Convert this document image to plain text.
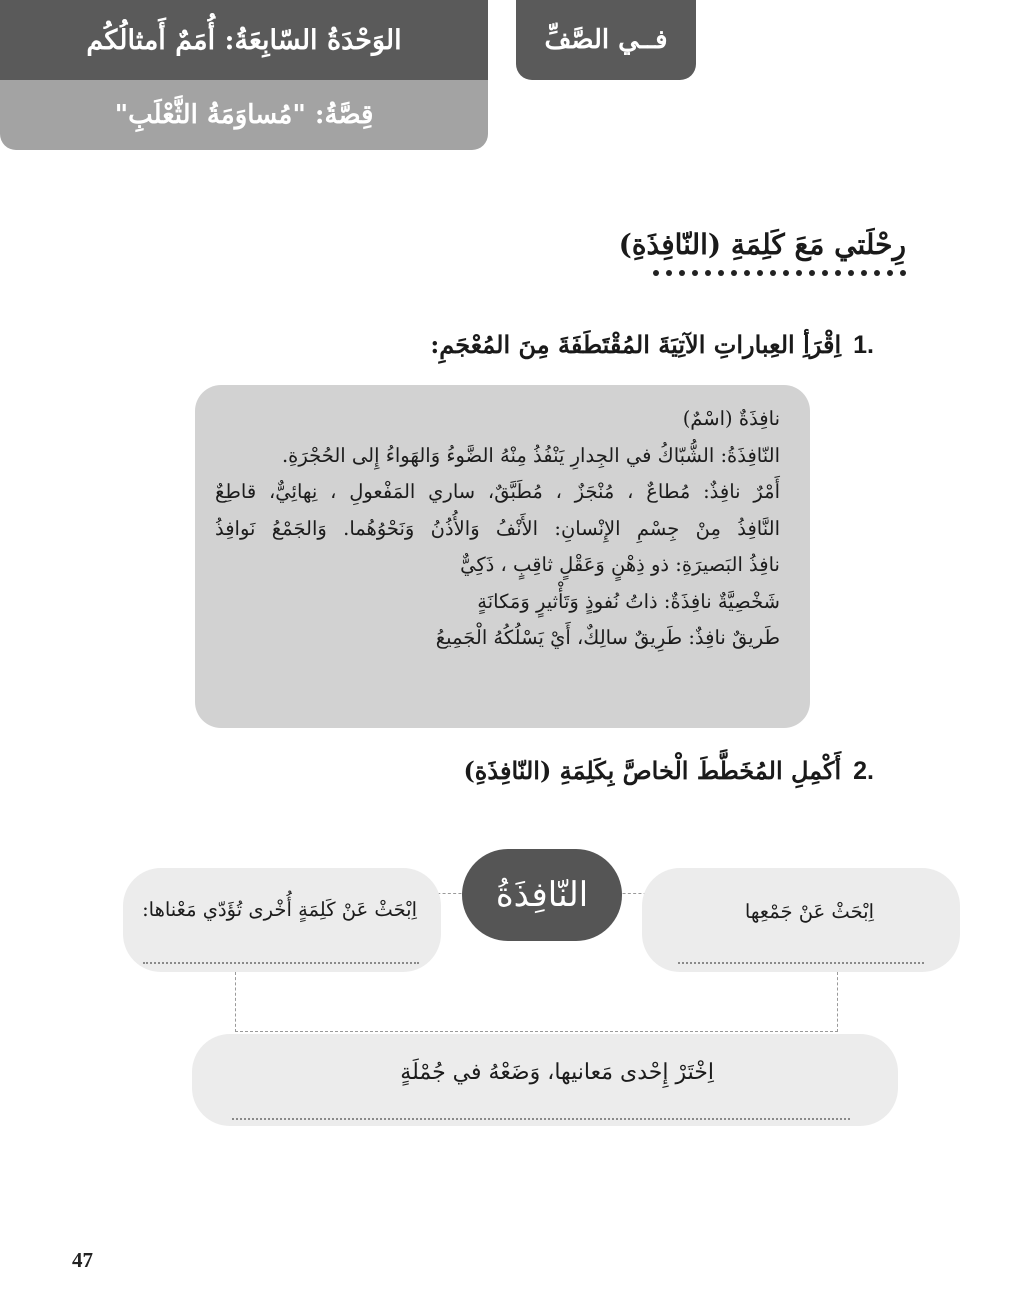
الوَحْدَةُ السّابِعَةُ: أُمَمٌ أَمثالُكُم
قِصَّةُ: "مُساوَمَةُ الثَّعْلَبِ"
فــي الصَّفِّ
رِحْلَتي مَعَ كَلِمَةِ (النّافِذَةِ)
1.
اِقْرَأِ العِباراتِ الآتِيَةَ المُقْتَطَفَةَ مِنَ المُعْجَمِ:
نافِذَةٌ (اسْمٌ)
النّافِذَةُ: الشُّبّاكُ في الجِدارِ يَنْفُذُ مِنْهُ الضَّوءُ وَالهَواءُ إِلى الحُجْرَةِ.
أَمْرٌ نافِذٌ: مُطاعٌ ، مُنْجَزٌ ، مُطَبَّقٌ، ساري المَفْعولِ ، نِهائِيٌّ، قاطِعٌ
النَّافِذُ مِنْ جِسْمِ الإِنْسانِ: الأَنْفُ وَالأُذُنُ وَنَحْوُهُما. وَالجَمْعُ نَوافِذُ
نافِذُ البَصيرَةِ: ذو ذِهْنٍ وَعَقْلٍ ثاقِبٍ ، ذَكِيٌّ
شَخْصِيَّةٌ نافِذَةٌ: ذاتُ نُفوذٍ وَتَأْثيرٍ وَمَكانَةٍ
طَريقٌ نافِذٌ: طَرِيقٌ سالِكٌ، أَيْ يَسْلُكُهُ الْجَمِيعُ
2.
أَكْمِلِ المُخَطَّطَ الْخاصَّ بِكَلِمَةِ (النّافِذَةِ)
اِبْحَثْ عَنْ كَلِمَةٍ أُخْرى تُؤَدّي مَعْناها:	اِبْحَثْ عَنْ جَمْعِها
النّافِذَةُ
اِخْتَرْ إِحْدى مَعانيها، وَضَعْهُ في جُمْلَةٍ
47
